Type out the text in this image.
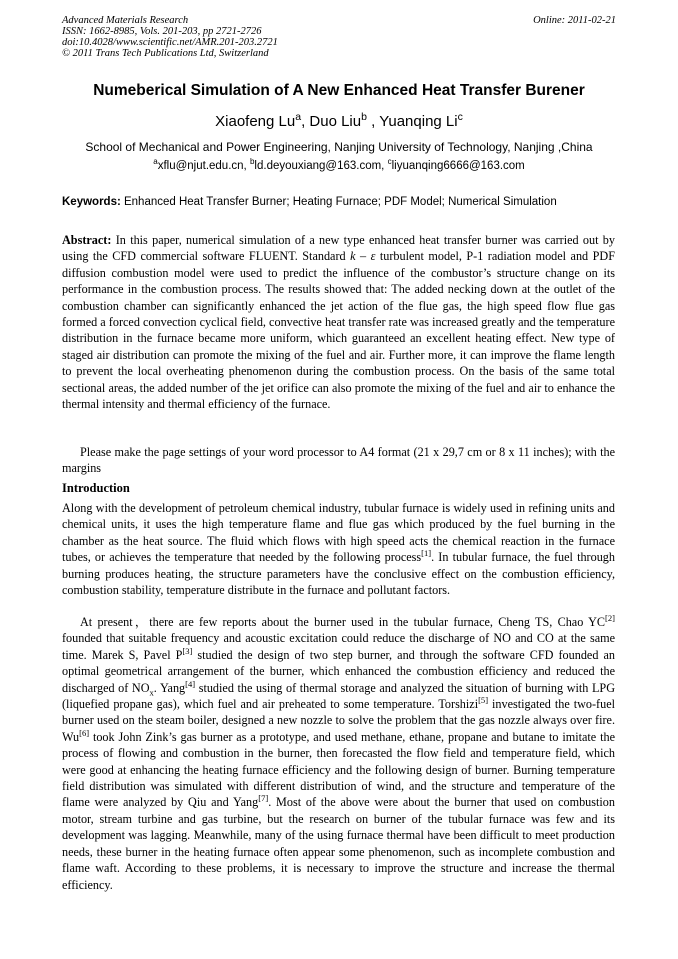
Advanced Materials Research
ISSN: 1662-8985, Vols. 201-203, pp 2721-2726
doi:10.4028/www.scientific.net/AMR.201-203.2721
© 2011 Trans Tech Publications Ltd, Switzerland
Online: 2011-02-21
Numeberical Simulation of A New Enhanced Heat Transfer Burener
Xiaofeng Lu$^a$, Duo Liu$^b$ , Yuanqing Li$^c$
School of Mechanical and Power Engineering, Nanjing University of Technology, Nanjing ,China
$^a$xflu@njut.edu.cn, $^b$ld.deyouxiang@163.com, $^c$liyuanqing6666@163.com
Keywords: Enhanced Heat Transfer Burner; Heating Furnace; PDF Model; Numerical Simulation
Abstract: In this paper, numerical simulation of a new type enhanced heat transfer burner was carried out by using the CFD commercial software FLUENT. Standard k – ε turbulent model, P-1 radiation model and PDF diffusion combustion model were used to predict the influence of the combustor’s structure change on its performance in the combustion process. The results showed that: The added necking down at the outlet of the combustion chamber can significantly enhanced the jet action of the flue gas, the high speed flow flue gas formed a forced convection cyclical field, convective heat transfer rate was increased greatly and the temperature distribution in the furnace became more uniform, which guaranteed an excellent heating effect. New type of staged air distribution can promote the mixing of the fuel and air. Further more, it can improve the flame length to prevent the local overheating phenomenon during the combustion process. On the basis of the same total sectional areas, the added number of the jet orifice can also promote the mixing of the fuel and air to enhance the thermal intensity and thermal efficiency of the furnace.
Please make the page settings of your word processor to A4 format (21 x 29,7 cm or 8 x 11 inches); with the margins
Introduction
Along with the development of petroleum chemical industry, tubular furnace is widely used in refining units and chemical units, it uses the high temperature flame and flue gas which produced by the fuel burning in the chamber as the heat source. The fluid which flows with high speed acts the chemical reaction in the furnace tubes, or achieves the temperature that needed by the following process[1]. In tubular furnace, the fuel through burning produces heating, the structure parameters have the conclusive effect on the combustion efficiency, combustion stability, temperature distribute in the furnace and pollutant factors.
At present，there are few reports about the burner used in the tubular furnace, Cheng TS, Chao YC[2] founded that suitable frequency and acoustic excitation could reduce the discharge of NO and CO at the same time. Marek S, Pavel P[3] studied the design of two step burner, and through the software CFD founded an optimal geometrical arrangement of the burner, which enhanced the combustion efficiency and reduced the discharged of $NO_x$. Yang[4] studied the using of thermal storage and analyzed the situation of burning with LPG (liquefied propane gas), which fuel and air preheated to some temperature. Torshizi[5] investigated the two-fuel burner used on the steam boiler, designed a new nozzle to solve the problem that the gas nozzle always over fire. Wu[6] took John Zink’s gas burner as a prototype, and used methane, ethane, propane and butane to imitate the process of flowing and combustion in the burner, then forecasted the flow field and temperature field, which were good at enhancing the heating furnace efficiency and the following design of burner. Burning temperature field distribution was simulated with different distribution of wind, and the structure and temperature of the flame were analyzed by Qiu and Yang[7]. Most of the above were about the burner that used on combustion motor, stream turbine and gas turbine, but the research on burner of the tubular furnace was few and its development was lagging. Meanwhile, many of the using furnace thermal have been difficult to meet production needs, these burner in the heating furnace often appear some phenomenon, such as incomplete combustion and flame waft. According to these problems, it is necessary to improve the structure and increase the thermal efficiency.
